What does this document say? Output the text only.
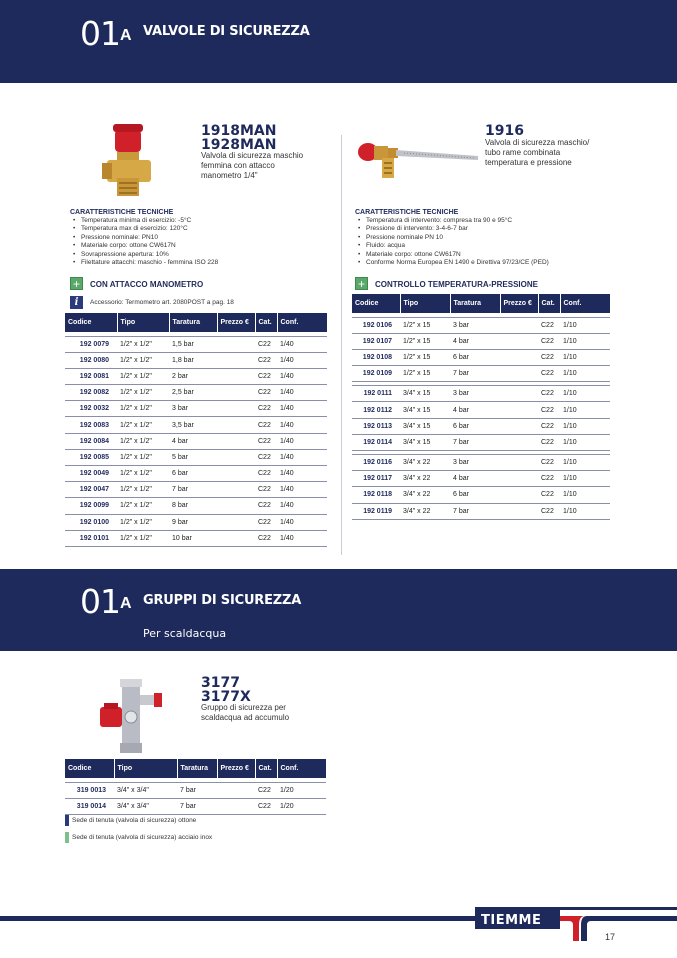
01 A VALVOLE DI SICUREZZA
1918MAN
1928MAN
Valvola di sicurezza maschio
femmina con attacco
manometro 1/4"
CARATTERISTICHE TECNICHE
• Temperatura minima di esercizio: -5°C
• Temperatura max di esercizio: 120°C
• Pressione nominale: PN10
• Materiale corpo: ottone CW617N
• Sovrapressione apertura: 10%
• Filettature attacchi: maschio - femmina ISO 228
+	CON ATTACCO MANOMETRO
i	Accessorio: Termometro art. 2080POST a pag. 18
Codice	Tipo	Taratura	Prezzo €	Cat.	Conf.

192 0079	1/2" x 1/2"	1,5 bar		C22	1/40
192 0080	1/2" x 1/2"	1,8 bar		C22	1/40
192 0081	1/2" x 1/2"	2 bar		C22	1/40
192 0082	1/2" x 1/2"	2,5 bar		C22	1/40
192 0032	1/2" x 1/2"	3 bar		C22	1/40
192 0083	1/2" x 1/2"	3,5 bar		C22	1/40
192 0084	1/2" x 1/2"	4 bar		C22	1/40
192 0085	1/2" x 1/2"	5 bar		C22	1/40
192 0049	1/2" x 1/2"	6 bar		C22	1/40
192 0047	1/2" x 1/2"	7 bar		C22	1/40
192 0099	1/2" x 1/2"	8 bar		C22	1/40
192 0100	1/2" x 1/2"	9 bar		C22	1/40
192 0101	1/2" x 1/2"	10 bar		C22	1/40
1916
Valvola di sicurezza maschio/
tubo rame combinata
temperatura e pressione
CARATTERISTICHE TECNICHE
• Temperatura di intervento: compresa tra 90 e 95°C
• Pressione di intervento: 3-4-6-7 bar
• Pressione nominale PN 10
• Fluido: acqua
• Materiale corpo: ottone CW617N
• Conforme Norma Europea EN 1490 e Direttiva 97/23/CE (PED)
+	CONTROLLO TEMPERATURA-PRESSIONE
Codice	Tipo	Taratura	Prezzo €	Cat.	Conf.

192 0106	1/2" x 15	3 bar		C22	1/10
192 0107	1/2" x 15	4 bar		C22	1/10
192 0108	1/2" x 15	6 bar		C22	1/10
192 0109	1/2" x 15	7 bar		C22	1/10

192 0111	3/4" x 15	3 bar		C22	1/10
192 0112	3/4" x 15	4 bar		C22	1/10
192 0113	3/4" x 15	6 bar		C22	1/10
192 0114	3/4" x 15	7 bar		C22	1/10

192 0116	3/4" x 22	3 bar		C22	1/10
192 0117	3/4" x 22	4 bar		C22	1/10
192 0118	3/4" x 22	6 bar		C22	1/10
192 0119	3/4" x 22	7 bar		C22	1/10
01 A GRUPPI DI SICUREZZA
Per scaldacqua
3177
3177X
Gruppo di sicurezza per
scaldacqua ad accumulo
Codice	Tipo	Taratura	Prezzo €	Cat.	Conf.

319 0013	3/4" x 3/4"	7 bar		C22	1/20
319 0014	3/4" x 3/4"	7 bar		C22	1/20
Sede di tenuta (valvola di sicurezza) ottone
Sede di tenuta (valvola di sicurezza) acciaio inox
TIEMME
17
